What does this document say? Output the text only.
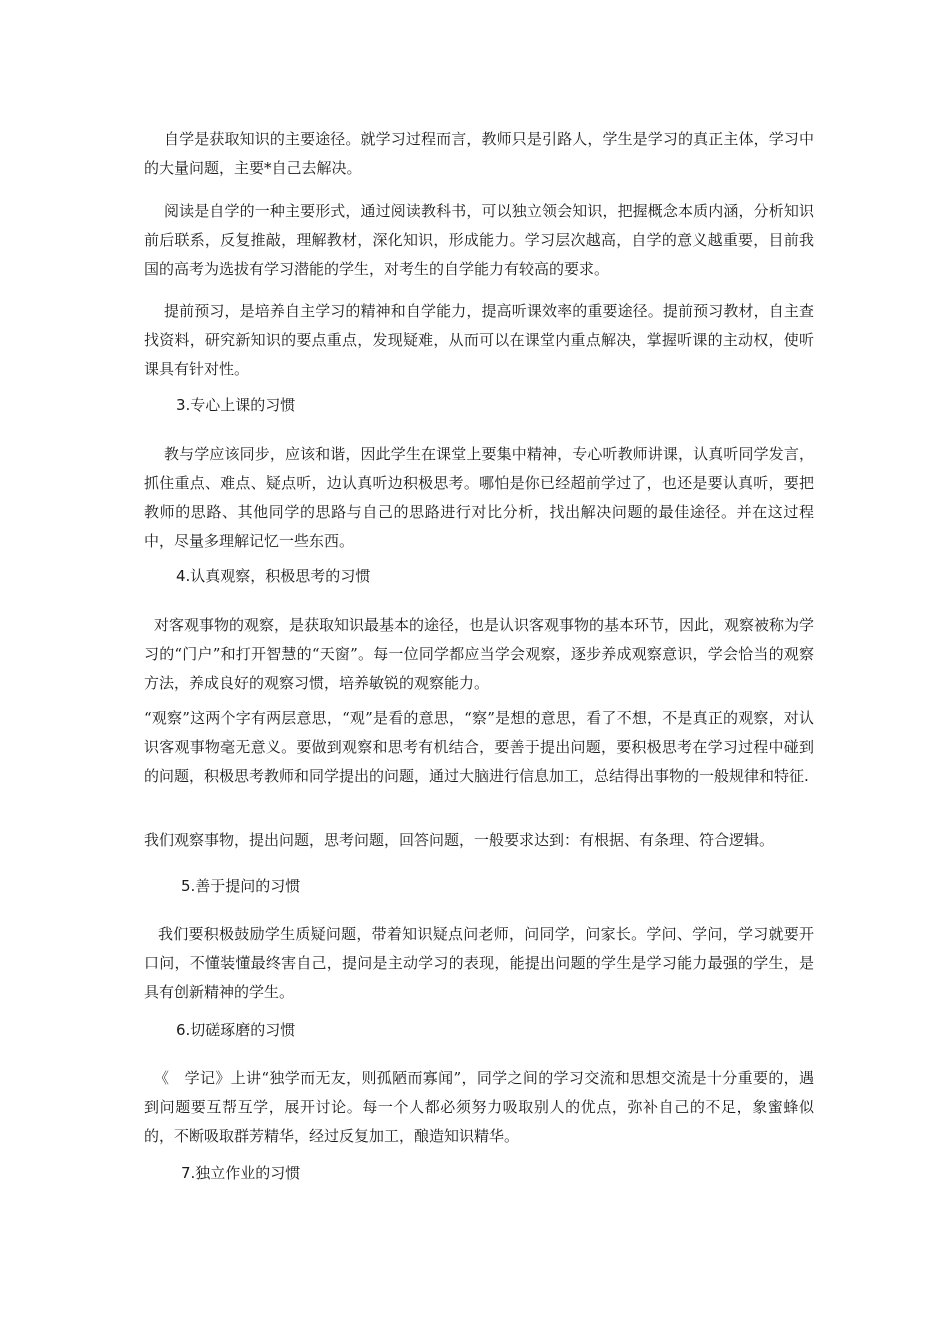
自学是获取知识的主要途径。就学习过程而言，教师只是引路人，学生是学习的真正主体，学习中的大量问题，主要*自己去解决。

阅读是自学的一种主要形式，通过阅读教科书，可以独立领会知识，把握概念本质内涵，分析知识前后联系，反复推敲，理解教材，深化知识，形成能力。学习层次越高，自学的意义越重要，目前我国的高考为选拔有学习潜能的学生，对考生的自学能力有较高的要求。

提前预习，是培养自主学习的精神和自学能力，提高听课效率的重要途径。提前预习教材，自主查找资料，研究新知识的要点重点，发现疑难，从而可以在课堂内重点解决，掌握听课的主动权，使听课具有针对性。

3.专心上课的习惯

教与学应该同步，应该和谐，因此学生在课堂上要集中精神，专心听教师讲课，认真听同学发言，抓住重点、难点、疑点听，边认真听边积极思考。哪怕是你已经超前学过了，也还是要认真听，要把教师的思路、其他同学的思路与自己的思路进行对比分析，找出解决问题的最佳途径。并在这过程中，尽量多理解记忆一些东西。

4.认真观察，积极思考的习惯

对客观事物的观察，是获取知识最基本的途径，也是认识客观事物的基本环节，因此，观察被称为学习的“门户”和打开智慧的“天窗”。每一位同学都应当学会观察，逐步养成观察意识，学会恰当的观察方法，养成良好的观察习惯，培养敏锐的观察能力。

“观察”这两个字有两层意思，“观”是看的意思，“察”是想的意思，看了不想，不是真正的观察，对认识客观事物毫无意义。要做到观察和思考有机结合，要善于提出问题，要积极思考在学习过程中碰到的问题，积极思考教师和同学提出的问题，通过大脑进行信息加工，总结得出事物的一般规律和特征.

我们观察事物，提出问题，思考问题，回答问题，一般要求达到：有根据、有条理、符合逻辑。

5.善于提问的习惯

我们要积极鼓励学生质疑问题，带着知识疑点问老师，问同学，问家长。学问、学问，学习就要开口问，不懂装懂最终害自己，提问是主动学习的表现，能提出问题的学生是学习能力最强的学生，是具有创新精神的学生。

6.切磋琢磨的习惯

《　学记》上讲“独学而无友，则孤陋而寡闻”，同学之间的学习交流和思想交流是十分重要的，遇到问题要互帮互学，展开讨论。每一个人都必须努力吸取别人的优点，弥补自己的不足，象蜜蜂似的，不断吸取群芳精华，经过反复加工，酿造知识精华。

7.独立作业的习惯
